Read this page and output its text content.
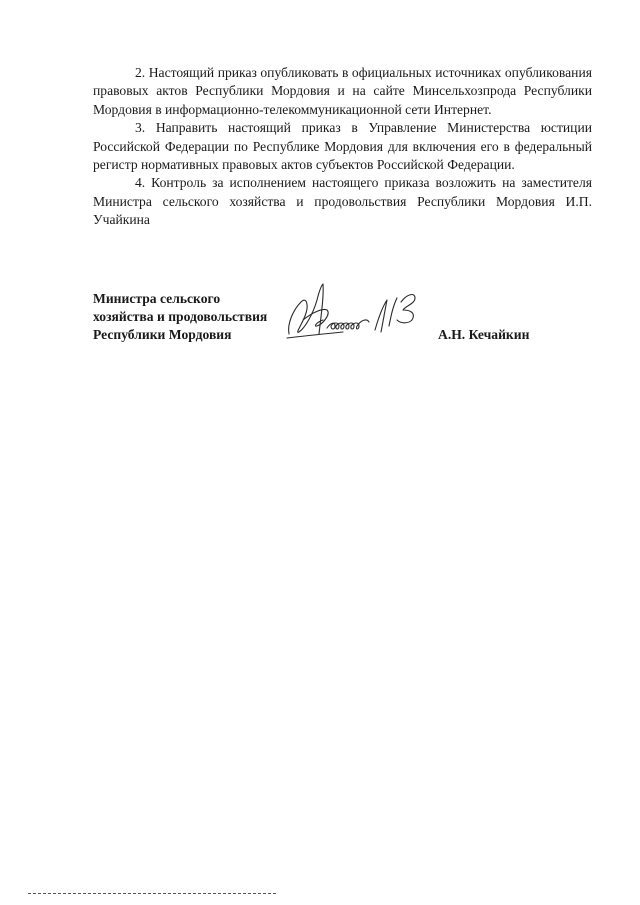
2. Настоящий приказ опубликовать в официальных источниках опубликования правовых актов Республики Мордовия и на сайте Минсельхозпрода Республики Мордовия в информационно-телекоммуникационной сети Интернет.

3. Направить настоящий приказ в Управление Министерства юстиции Российской Федерации по Республике Мордовия для включения его в федеральный регистр нормативных правовых актов субъектов Российской Федерации.

4. Контроль за исполнением настоящего приказа возложить на заместителя Министра сельского хозяйства и продовольствия Республики Мордовия И.П. Учайкина

Министра сельского
хозяйства и продовольствия
Республики Мордовия	А.Н. Кечайкин
